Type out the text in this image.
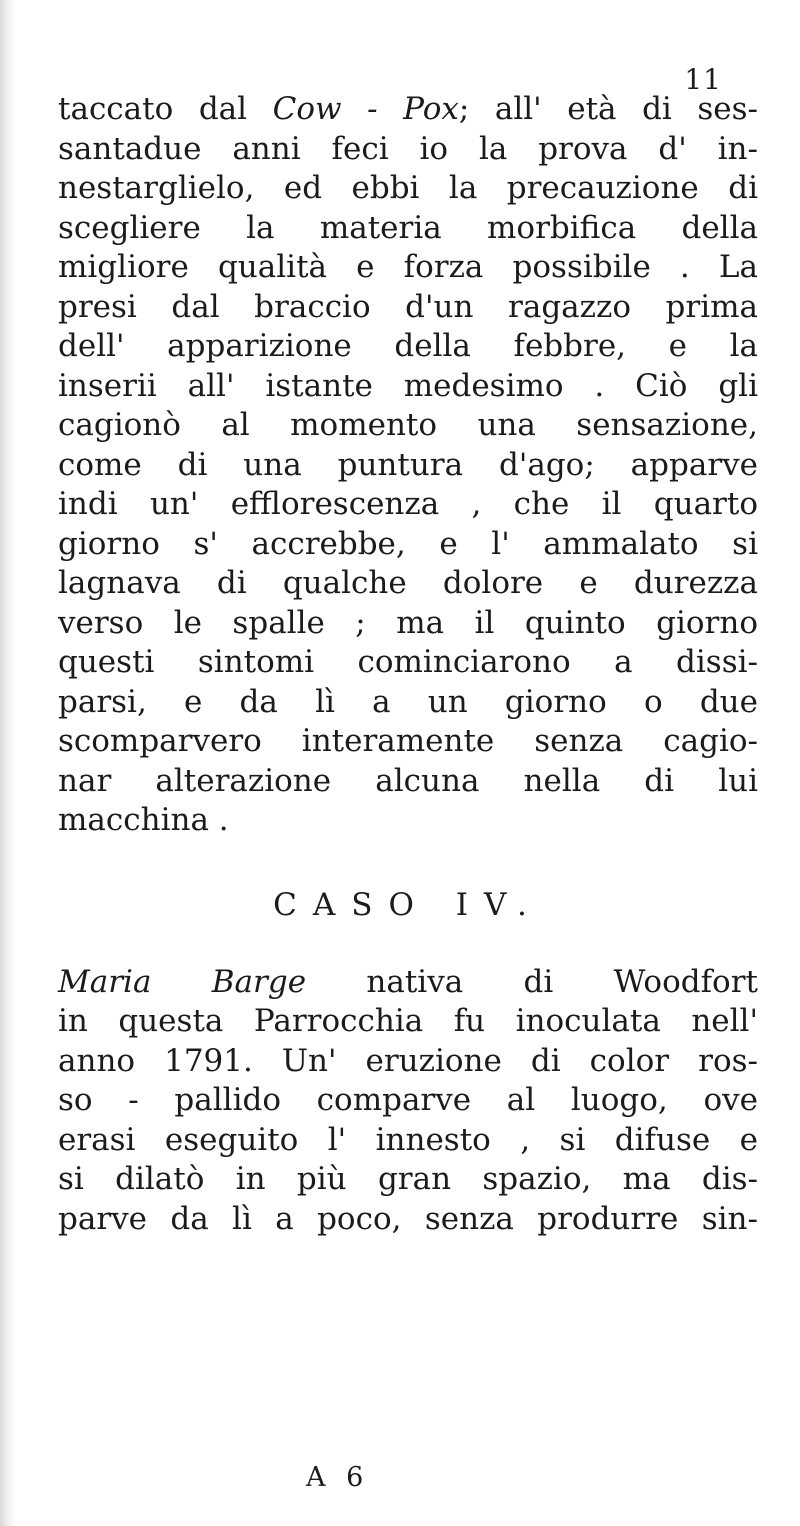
11
taccato dal Cow - Pox; all' età di ses-
santadue anni feci io la prova d' in-
nestarglielo, ed ebbi la precauzione di
scegliere la materia morbifica della
migliore qualità e forza possibile . La
presi dal braccio d'un ragazzo prima
dell' apparizione della febbre, e la
inserii all' istante medesimo . Ciò gli
cagionò al momento una sensazione,
come di una puntura d'ago; apparve
indi un' efflorescenza , che il quarto
giorno s' accrebbe, e l' ammalato si
lagnava di qualche dolore e durezza
verso le spalle ; ma il quinto giorno
questi sintomi cominciarono a dissi-
parsi, e da lì a un giorno o due
scomparvero interamente senza cagio-
nar alterazione alcuna nella di lui
macchina .
CASO IV.
Maria Barge nativa di Woodfort
in questa Parrocchia fu inoculata nell'
anno 1791. Un' eruzione di color ros-
so - pallido comparve al luogo, ove
erasi eseguito l' innesto , si difuse e
si dilatò in più gran spazio, ma dis-
parve da lì a poco, senza produrre sin-
A 6
